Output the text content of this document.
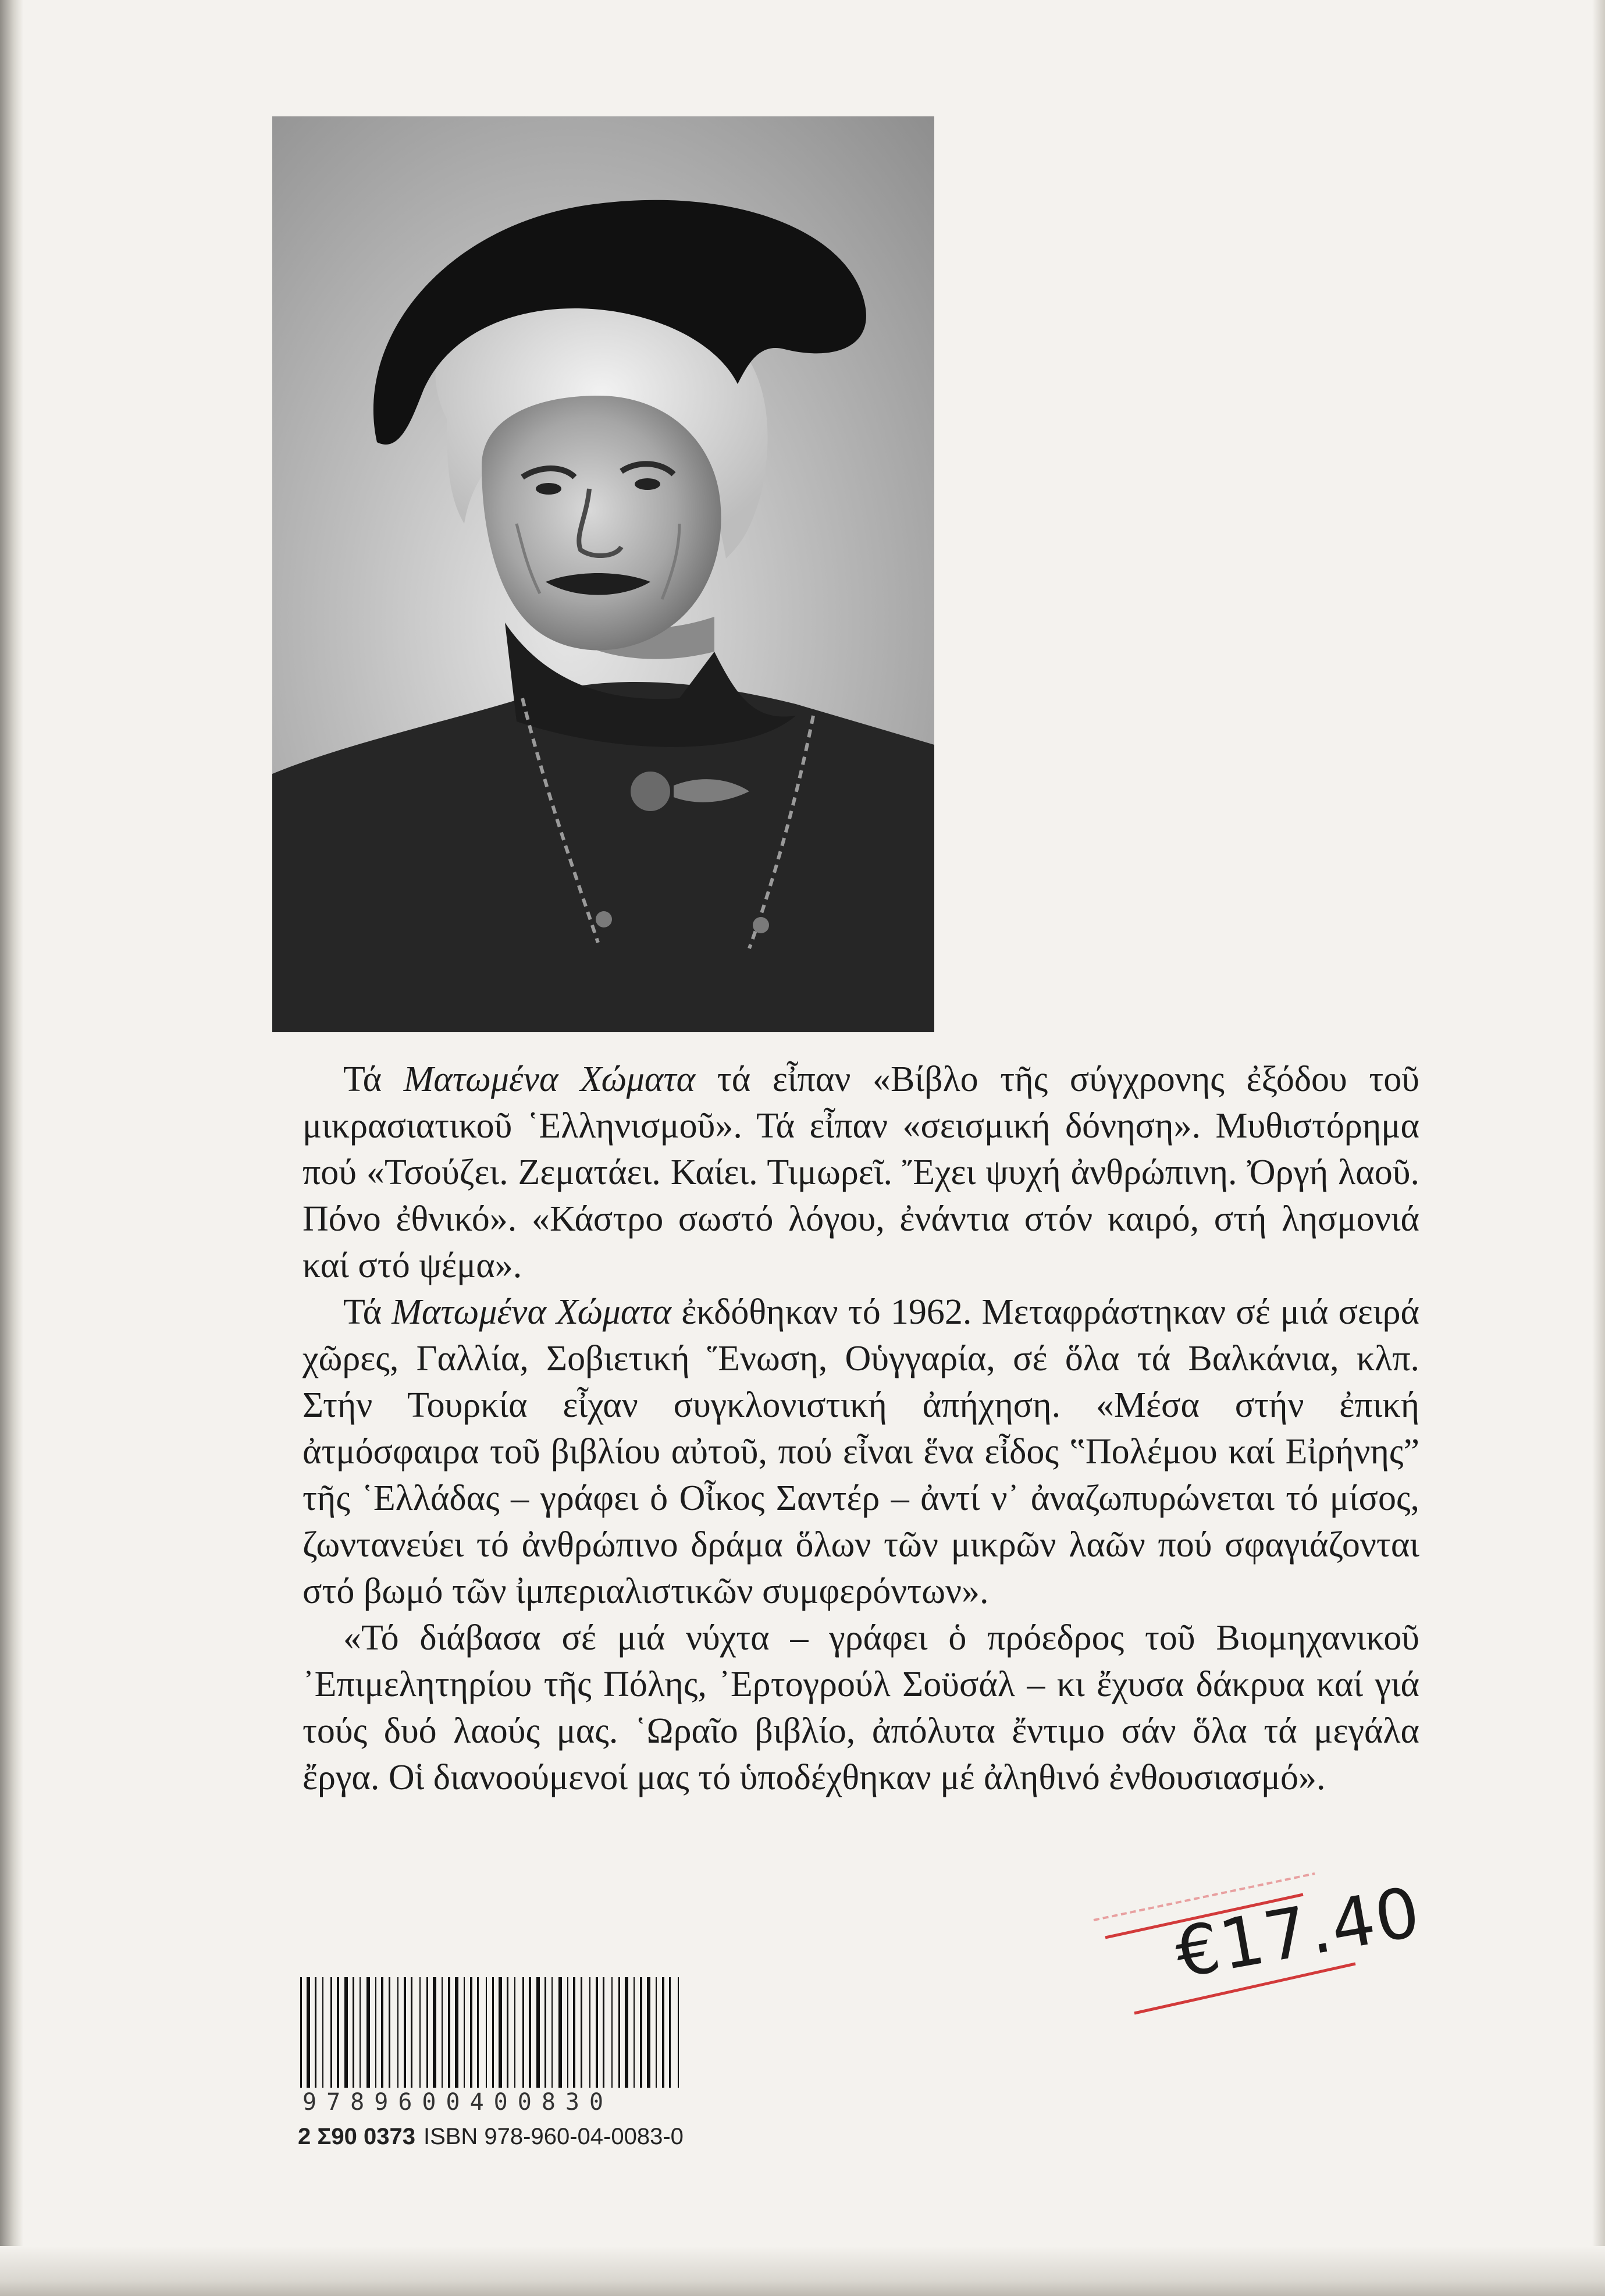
Τά Ματωμένα Χώματα τά εἶπαν «Βίβλο τῆς σύγχρονης ἐξόδου τοῦ μικρασιατικοῦ ῾Ελληνισμοῦ». Τά εἶπαν «σεισμική δόνηση». Μυθιστόρημα πού «Τσούζει. Ζεματάει. Καίει. Τιμωρεῖ. Ἔχει ψυχή ἀνθρώπινη. Ὀργή λαοῦ. Πόνο ἐθνικό». «Κάστρο σωστό λόγου, ἐνάντια στόν καιρό, στή λησμονιά καί στό ψέμα».

Τά Ματωμένα Χώματα ἐκδόθηκαν τό 1962. Μεταφράστηκαν σέ μιά σειρά χῶρες, Γαλλία, Σοβιετική Ἕνωση, Οὑγγαρία, σέ ὅλα τά Βαλκάνια, κλπ. Στήν Τουρκία εἶχαν συγκλονιστική ἀπήχηση. «Μέσα στήν ἐπική ἀτμόσφαιρα τοῦ βιβλίου αὐτοῦ, πού εἶναι ἕνα εἶδος ‟Πολέμου καί Εἰρήνης” τῆς ῾Ελλάδας – γράφει ὁ Οἶκος Σαντέρ – ἀντί ν᾿ ἀναζωπυρώνεται τό μίσος, ζωντανεύει τό ἀνθρώπινο δράμα ὅλων τῶν μικρῶν λαῶν πού σφαγιάζονται στό βωμό τῶν ἰμπεριαλιστικῶν συμφερόντων».

«Τό διάβασα σέ μιά νύχτα – γράφει ὁ πρόεδρος τοῦ Βιομηχανικοῦ ᾿Επιμελητηρίου τῆς Πόλης, ᾿Ερτογρούλ Σοϋσάλ – κι ἔχυσα δάκρυα καί γιά τούς δυό λαούς μας. ῾Ωραῖο βιβλίο, ἀπόλυτα ἔντιμο σάν ὅλα τά μεγάλα ἔργα. Οἱ διανοούμενοί μας τό ὑποδέχθηκαν μέ ἀληθινό ἐνθουσιασμό».

€17.40
9789600400830
2 Σ90 0373 ISBN 978-960-04-0083-0
